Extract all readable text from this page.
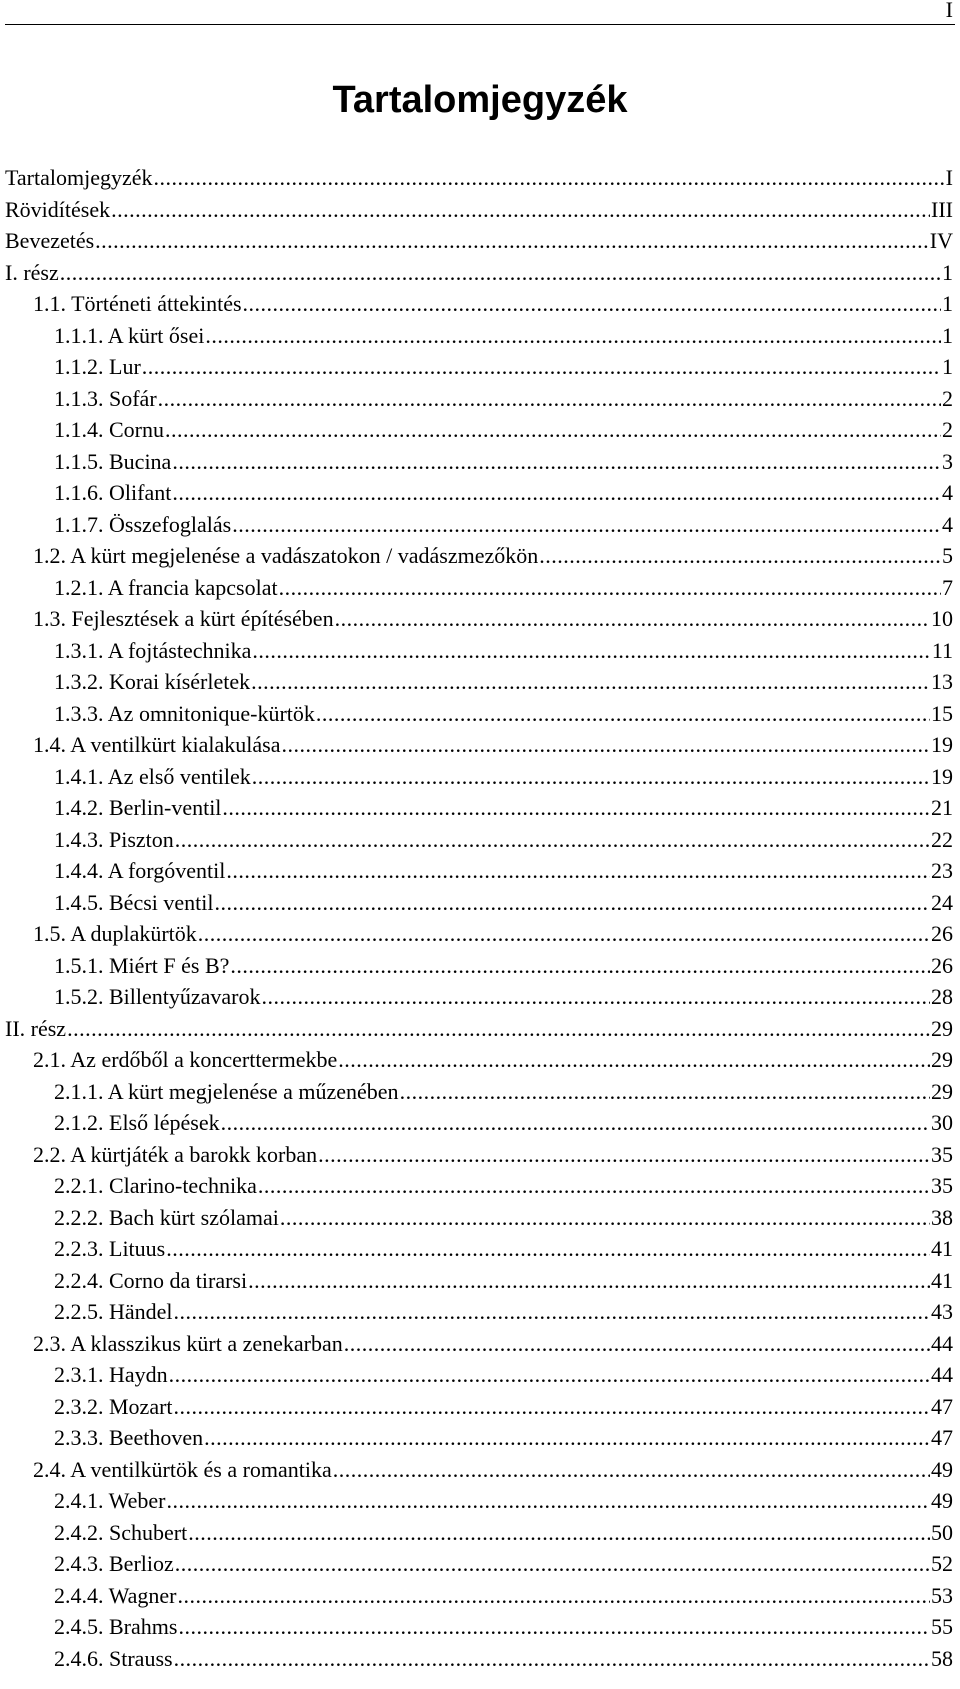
I
Tartalomjegyzék
Tartalomjegyzék .....	I
Rövidítések .....	III
Bevezetés .....	IV
I. rész .....	1
1.1. Történeti áttekintés .....	1
1.1.1. A kürt ősei .....	1
1.1.2. Lur .....	1
1.1.3. Sofár .....	2
1.1.4. Cornu .....	2
1.1.5. Bucina .....	3
1.1.6. Olifant .....	4
1.1.7. Összefoglalás .....	4
1.2. A kürt megjelenése a vadászatokon / vadászmezőkön .....	5
1.2.1. A francia kapcsolat .....	7
1.3. Fejlesztések a kürt építésében .....	10
1.3.1. A fojtástechnika .....	11
1.3.2. Korai kísérletek .....	13
1.3.3. Az omnitonique-kürtök .....	15
1.4. A ventilkürt kialakulása .....	19
1.4.1. Az első ventilek .....	19
1.4.2. Berlin-ventil .....	21
1.4.3. Piszton .....	22
1.4.4. A forgóventil .....	23
1.4.5. Bécsi ventil .....	24
1.5. A duplakürtök .....	26
1.5.1. Miért F és B? .....	26
1.5.2. Billentyűzavarok .....	28
II. rész .....	29
2.1. Az erdőből a koncerttermekbe .....	29
2.1.1. A kürt megjelenése a műzenében .....	29
2.1.2. Első lépések .....	30
2.2. A kürtjáték a barokk korban .....	35
2.2.1. Clarino-technika .....	35
2.2.2. Bach kürt szólamai .....	38
2.2.3. Lituus .....	41
2.2.4. Corno da tirarsi .....	41
2.2.5. Händel .....	43
2.3. A klasszikus kürt a zenekarban .....	44
2.3.1. Haydn .....	44
2.3.2. Mozart .....	47
2.3.3. Beethoven .....	47
2.4. A ventilkürtök és a romantika .....	49
2.4.1. Weber .....	49
2.4.2. Schubert .....	50
2.4.3. Berlioz .....	52
2.4.4. Wagner .....	53
2.4.5. Brahms .....	55
2.4.6. Strauss .....	58
